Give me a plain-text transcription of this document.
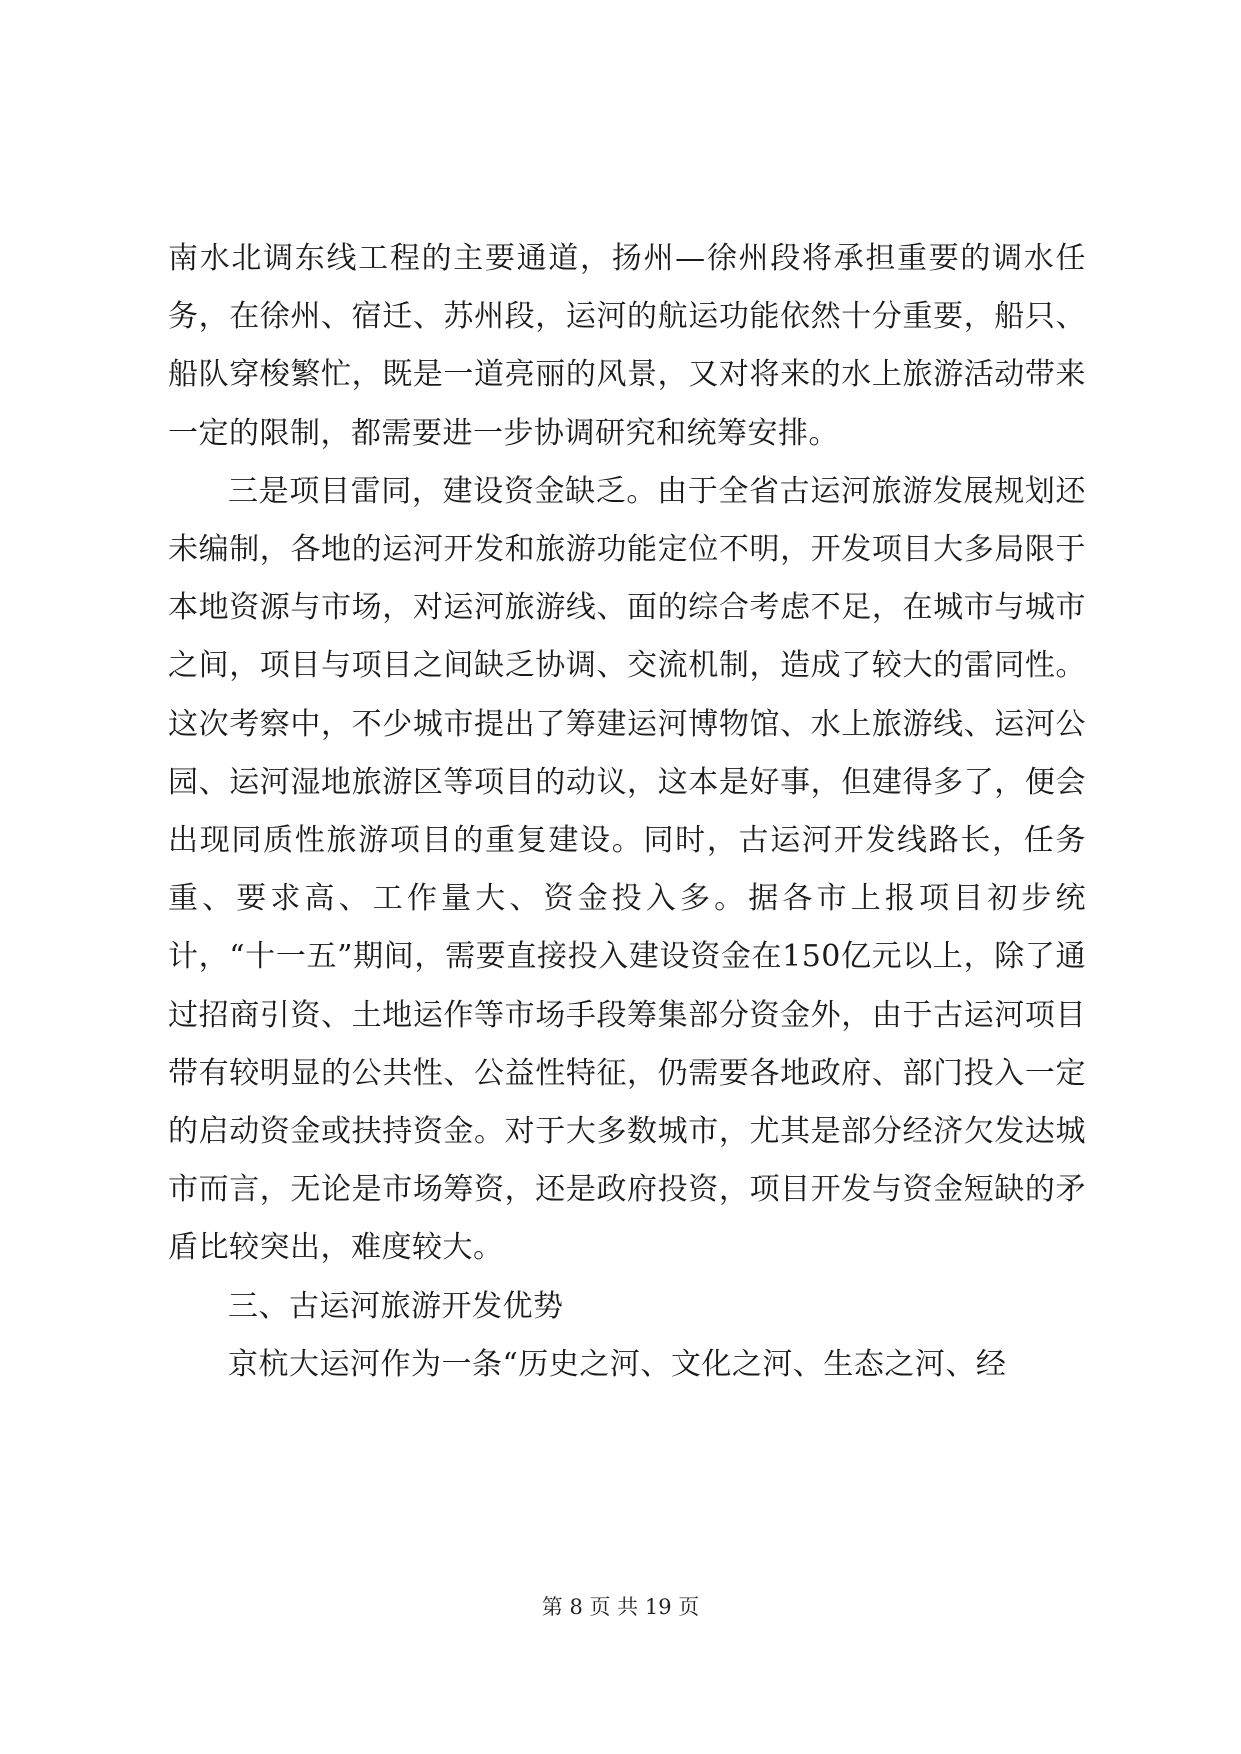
南水北调东线工程的主要通道，扬州—徐州段将承担重要的调水任务，在徐州、宿迁、苏州段，运河的航运功能依然十分重要，船只、船队穿梭繁忙，既是一道亮丽的风景，又对将来的水上旅游活动带来一定的限制，都需要进一步协调研究和统筹安排。

三是项目雷同，建设资金缺乏。由于全省古运河旅游发展规划还未编制，各地的运河开发和旅游功能定位不明，开发项目大多局限于本地资源与市场，对运河旅游线、面的综合考虑不足，在城市与城市之间，项目与项目之间缺乏协调、交流机制，造成了较大的雷同性。这次考察中，不少城市提出了筹建运河博物馆、水上旅游线、运河公园、运河湿地旅游区等项目的动议，这本是好事，但建得多了，便会出现同质性旅游项目的重复建设。同时，古运河开发线路长，任务重、要求高、工作量大、资金投入多。据各市上报项目初步统计，“十一五”期间，需要直接投入建设资金在150亿元以上，除了通过招商引资、土地运作等市场手段筹集部分资金外，由于古运河项目带有较明显的公共性、公益性特征，仍需要各地政府、部门投入一定的启动资金或扶持资金。对于大多数城市，尤其是部分经济欠发达城市而言，无论是市场筹资，还是政府投资，项目开发与资金短缺的矛盾比较突出，难度较大。

三、古运河旅游开发优势

京杭大运河作为一条“历史之河、文化之河、生态之河、经

第 8 页 共 19 页
